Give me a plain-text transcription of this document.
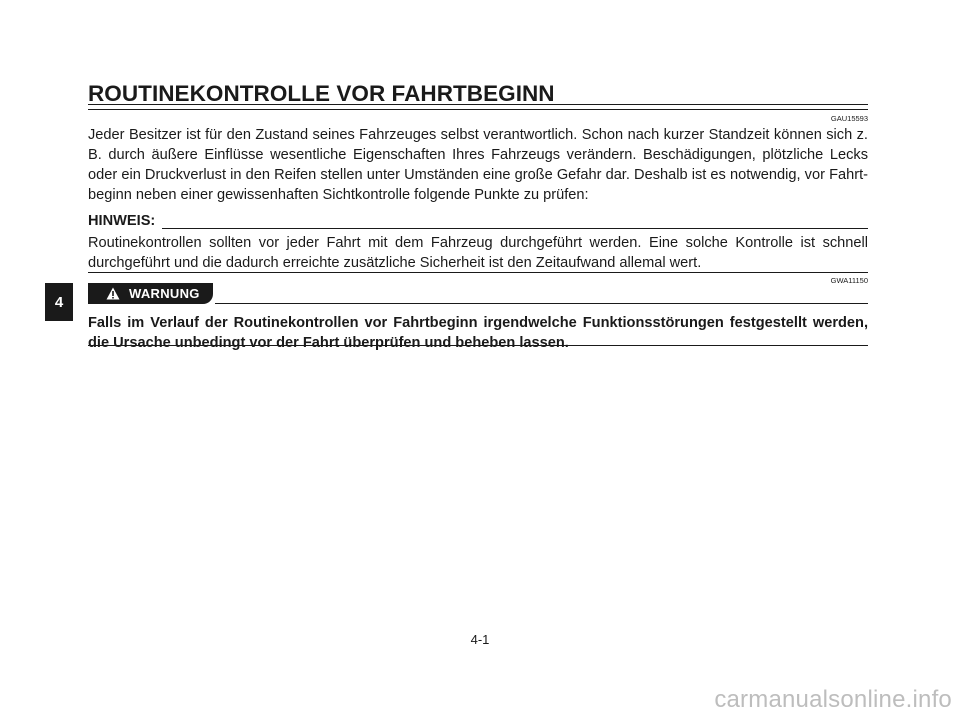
ROUTINEKONTROLLE VOR FAHRTBEGINN
GAU15593
Jeder Besitzer ist für den Zustand seines Fahrzeuges selbst verantwortlich. Schon nach kurzer Standzeit können sich z. B. durch äußere Einflüsse wesentliche Eigenschaften Ihres Fahrzeugs verändern. Beschädigungen, plötzliche Lecks oder ein Druckverlust in den Reifen stellen unter Umständen eine große Gefahr dar. Deshalb ist es notwendig, vor Fahrt-beginn neben einer gewissenhaften Sichtkontrolle folgende Punkte zu prüfen:
HINWEIS:
Routinekontrollen sollten vor jeder Fahrt mit dem Fahrzeug durchgeführt werden. Eine solche Kontrolle ist schnell durchgeführt und die dadurch erreichte zusätzliche Sicherheit ist den Zeitaufwand allemal wert.
GWA11150
4	WARNUNG
Falls im Verlauf der Routinekontrollen vor Fahrtbeginn irgendwelche Funktionsstörungen festgestellt werden, die Ursache unbedingt vor der Fahrt überprüfen und beheben lassen.
4-1
carmanualsonline.info
